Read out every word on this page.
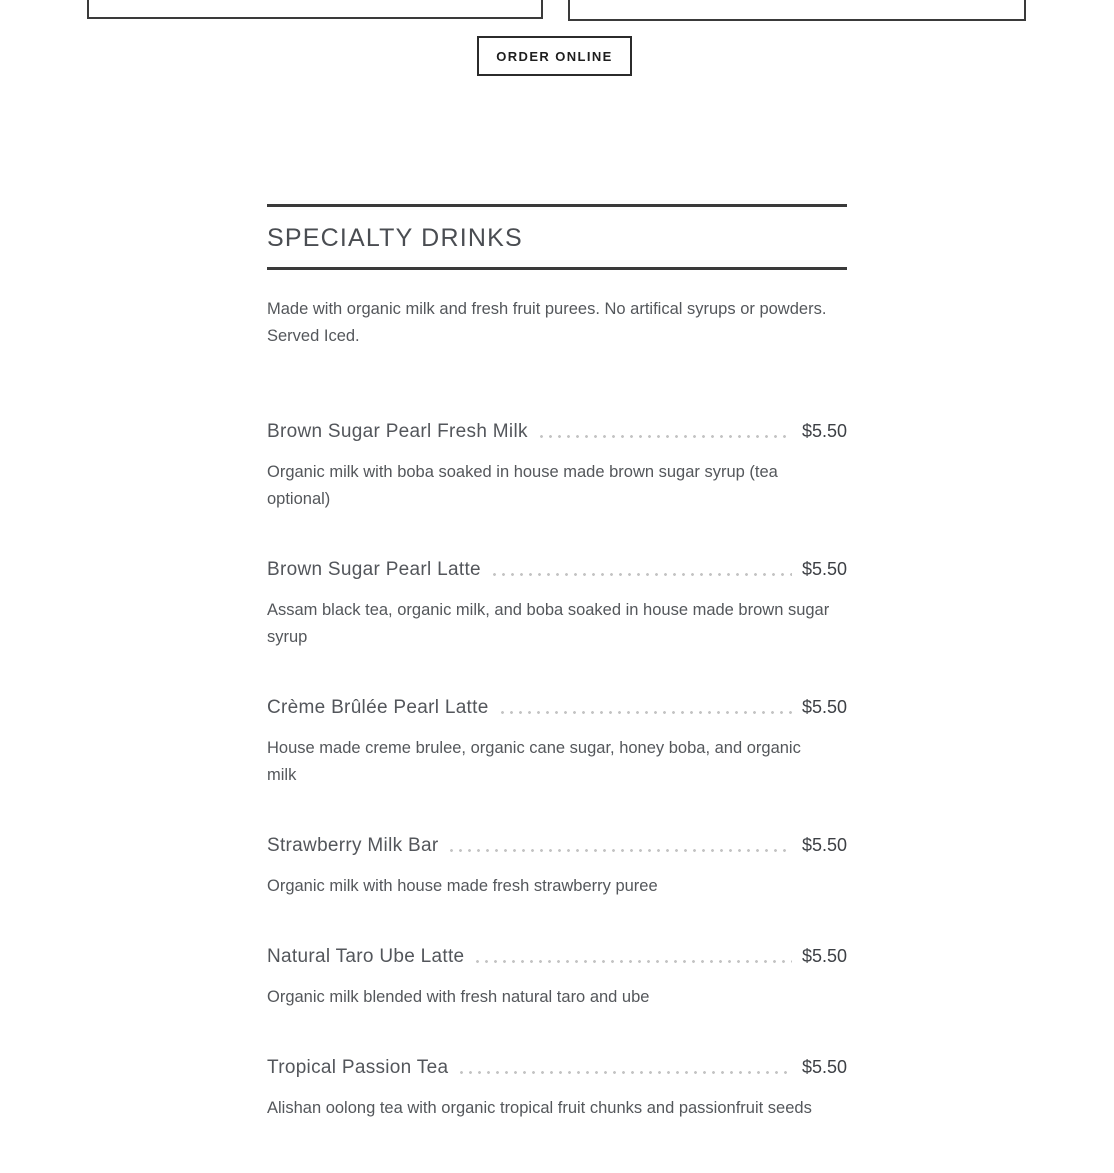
ORDER ONLINE
SPECIALTY DRINKS

Made with organic milk and fresh fruit purees. No artifical syrups or powders. Served Iced.

Brown Sugar Pearl Fresh Milk	$5.50

Organic milk with boba soaked in house made brown sugar syrup (tea optional)

Brown Sugar Pearl Latte	$5.50

Assam black tea, organic milk, and boba soaked in house made brown sugar syrup

Crème Brûlée Pearl Latte	$5.50

House made creme brulee, organic cane sugar, honey boba, and organic milk

Strawberry Milk Bar	$5.50

Organic milk with house made fresh strawberry puree

Natural Taro Ube Latte	$5.50

Organic milk blended with fresh natural taro and ube

Tropical Passion Tea	$5.50

Alishan oolong tea with organic tropical fruit chunks and passionfruit seeds
